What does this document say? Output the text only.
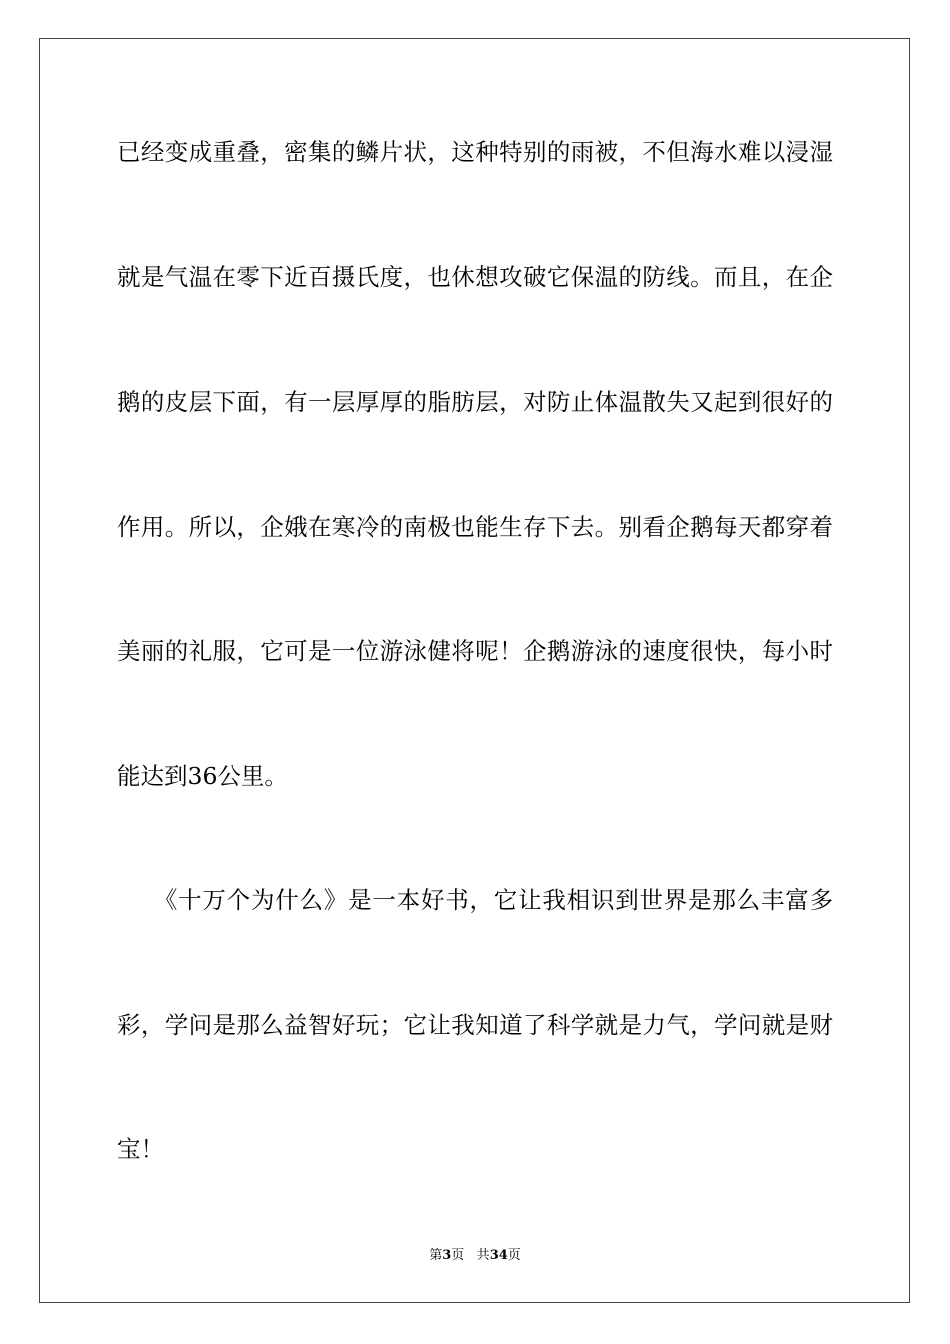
已经变成重叠，密集的鳞片状，这种特别的雨被，不但海水难以浸湿
就是气温在零下近百摄氏度，也休想攻破它保温的防线。而且，在企
鹅的皮层下面，有一层厚厚的脂肪层，对防止体温散失又起到很好的
作用。所以，企娥在寒冷的南极也能生存下去。别看企鹅每天都穿着
美丽的礼服，它可是一位游泳健将呢！企鹅游泳的速度很快，每小时
能达到36公里。
　　《十万个为什么》是一本好书，它让我相识到世界是那么丰富多
彩，学问是那么益智好玩；它让我知道了科学就是力气，学问就是财
宝！
第3页 共34页
